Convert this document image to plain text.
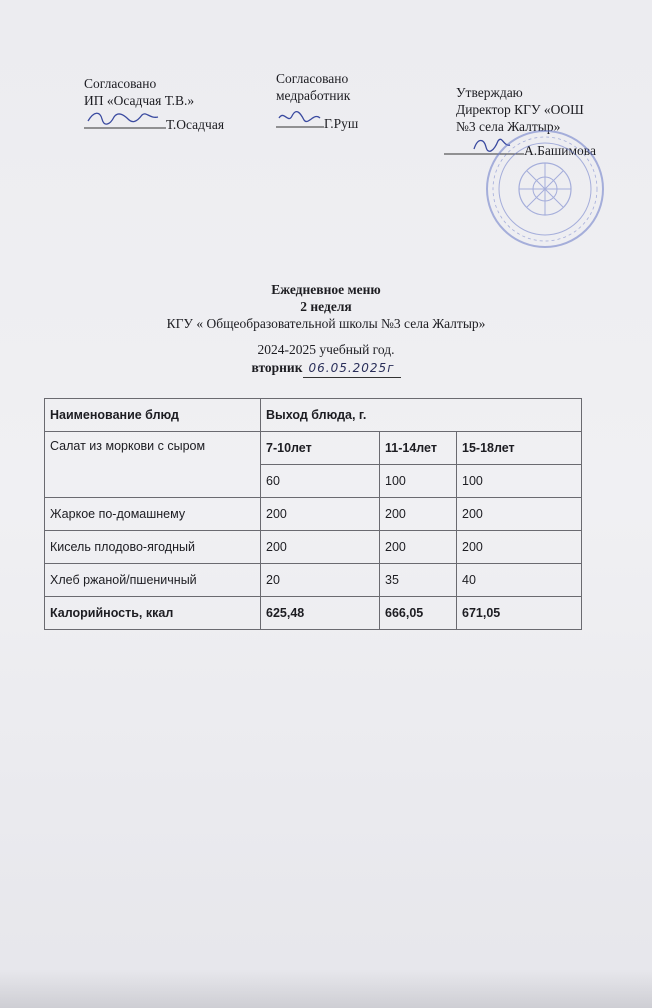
Согласовано
ИП «Осадчая Т.В.»
Т.Осадчая
Согласовано
медработник
Г.Руш
Утверждаю
Директор КГУ «ООШ
№3 села Жалтыр»
А.Башимова
Ежедневное меню
2 неделя
КГУ « Общеобразовательной школы №3 села Жалтыр»
2024-2025 учебный год.
вторник 06.05.2025г
Наименование блюд	Выход блюда, г.		
Салат из моркови с сыром	7-10лет	11-14лет	15-18лет
	60	100	100
Жаркое по-домашнему	200	200	200
Кисель плодово-ягодный	200	200	200
Хлеб ржаной/пшеничный	20	35	40
Калорийность, ккал	625,48	666,05	671,05
